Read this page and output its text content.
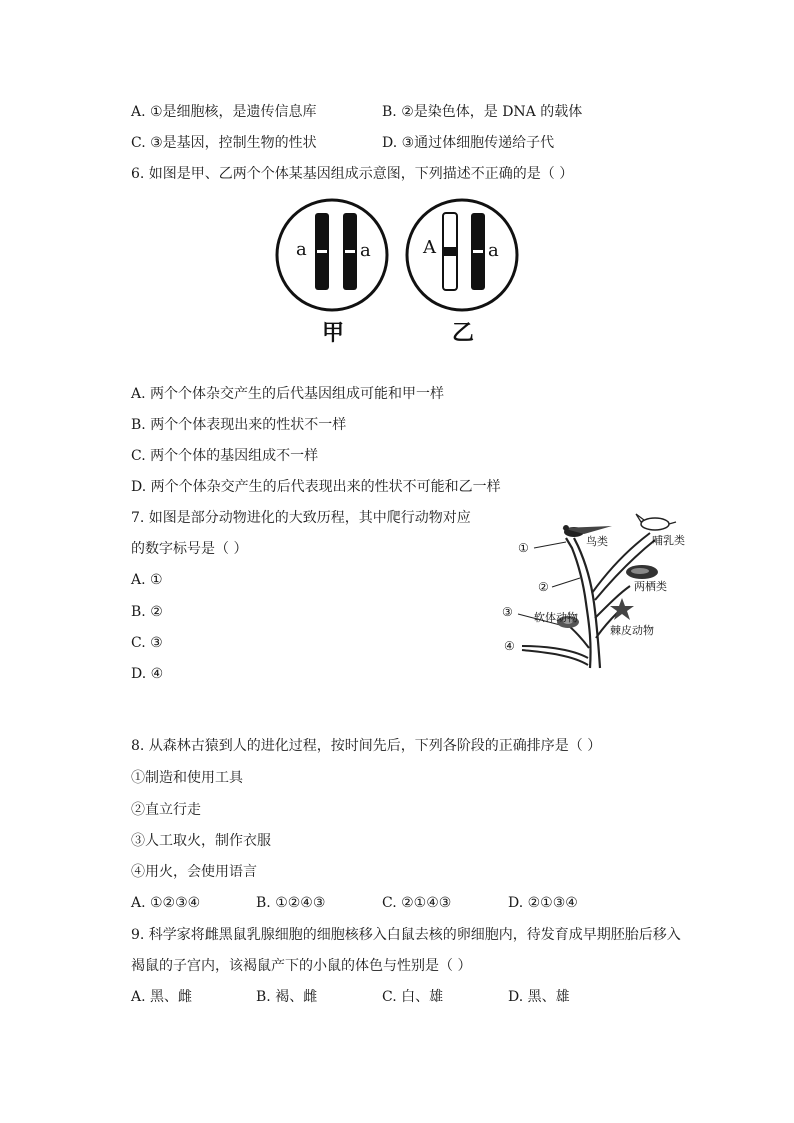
A. ①是细胞核，是遗传信息库	B. ②是染色体，是 DNA 的载体
C. ③是基因，控制生物的性状	D. ③通过体细胞传递给子代
6. 如图是甲、乙两个个体某基因组成示意图，下列描述不正确的是（ ）
a	a
甲
A	a
乙
A. 两个个体杂交产生的后代基因组成可能和甲一样
B. 两个个体表现出来的性状不一样
C. 两个个体的基因组成不一样
D. 两个个体杂交产生的后代表现出来的性状不可能和乙一样
7. 如图是部分动物进化的大致历程，其中爬行动物对应
的数字标号是（ ）
A. ①
B. ②
C. ③
D. ④
①
②
③
④
鸟类	哺乳类
两栖类
软体动物
棘皮动物
8. 从森林古猿到人的进化过程，按时间先后，下列各阶段的正确排序是（ ）
①制造和使用工具
②直立行走
③人工取火，制作衣服
④用火，会使用语言
A. ①②③④	B. ①②④③	C. ②①④③	D. ②①③④
9. 科学家将雌黑鼠乳腺细胞的细胞核移入白鼠去核的卵细胞内，待发育成早期胚胎后移入
褐鼠的子宫内，该褐鼠产下的小鼠的体色与性别是（ ）
A. 黑、雌	B. 褐、雌	C. 白、雄	D. 黑、雄
